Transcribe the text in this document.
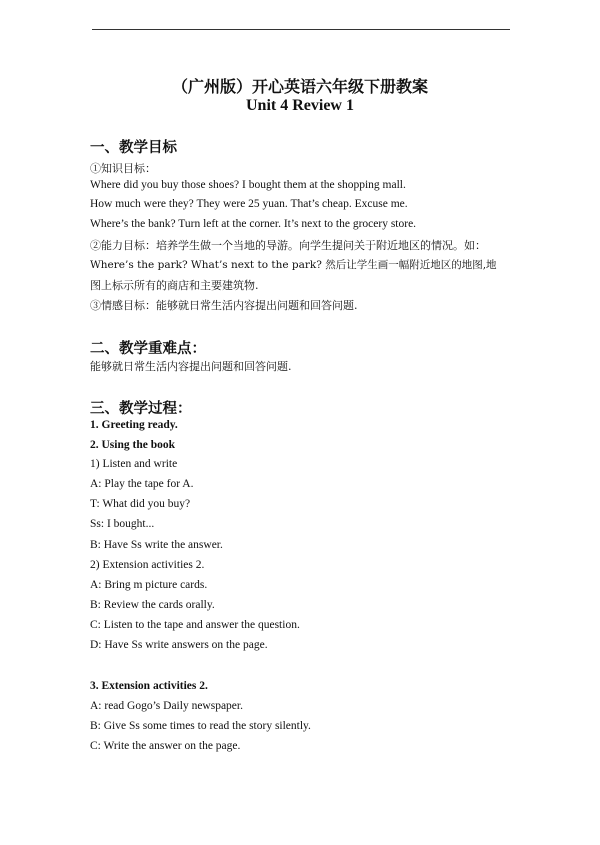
（广州版）开心英语六年级下册教案
Unit 4 Review 1
一、教学目标
①知识目标：
Where did you buy those shoes? I bought them at the shopping mall.
How much were they? They were 25 yuan. That’s cheap. Excuse me.
Where’s the bank? Turn left at the corner. It’s next to the grocery store.
②能力目标：培养学生做一个当地的导游。向学生提问关于附近地区的情况。如：
Where’s the park? What’s next to the park? 然后让学生画一幅附近地区的地图,地
图上标示所有的商店和主要建筑物.
③情感目标：能够就日常生活内容提出问题和回答问题.
二、教学重难点：
能够就日常生活内容提出问题和回答问题.
三、教学过程：
1. Greeting ready.
2. Using the book
1) Listen and write
A: Play the tape for A.
T: What did you buy?
Ss: I bought...
B: Have Ss write the answer.
2) Extension activities 2.
A: Bring m picture cards.
B: Review the cards orally.
C: Listen to the tape and answer the question.
D: Have Ss write answers on the page.
3. Extension activities 2.
A: read Gogo’s Daily newspaper.
B: Give Ss some times to read the story silently.
C: Write the answer on the page.
